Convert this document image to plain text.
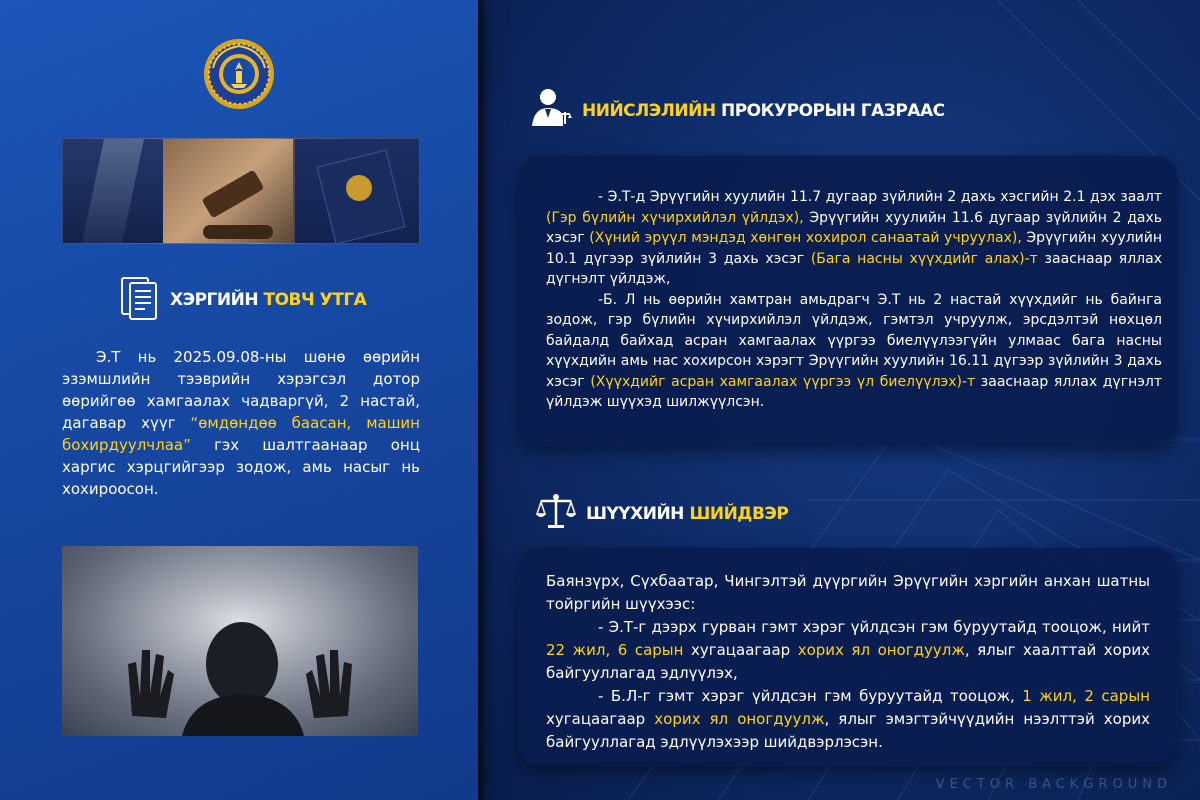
VECTOR BACKGROUND
ХЭРГИЙН ТОВЧ УТГА
Э.Т нь 2025.09.08-ны шөнө өөрийн эзэмшлийн тээврийн хэрэгсэл дотор өөрийгөө хамгаалах чадваргүй, 2 настай, дагавар хүүг “өмдөндөө баасан, машин бохирдуулчлаа” гэх шалтгаанаар онц харгис хэрцгийгээр зодож, амь насыг нь хохироосон.
НИЙСЛЭЛИЙН ПРОКУРОРЫН ГАЗРААС

- Э.Т-д Эрүүгийн хуулийн 11.7 дугаар зүйлийн 2 дахь хэсгийн 2.1 дэх заалт (Гэр бүлийн хүчирхийлэл үйлдэх), Эрүүгийн хуулийн 11.6 дугаар зүйлийн 2 дахь хэсэг (Хүний эрүүл мэндэд хөнгөн хохирол санаатай учруулах), Эрүүгийн хуулийн 10.1 дүгээр зүйлийн 3 дахь хэсэг (Бага насны хүүхдийг алах)-т зааснаар яллах дүгнэлт үйлдэж,

-Б. Л нь өөрийн хамтран амьдрагч Э.Т нь 2 настай хүүхдийг нь байнга зодож, гэр бүлийн хүчирхийлэл үйлдэж, гэмтэл учруулж, эрсдэлтэй нөхцөл байдалд байхад асран хамгаалах үүргээ биелүүлээгүйн улмаас бага насны хүүхдийн амь нас хохирсон хэрэгт Эрүүгийн хуулийн 16.11 дүгээр зүйлийн 3 дахь хэсэг (Хүүхдийг асран хамгаалах үүргээ үл биелүүлэх)-т зааснаар яллах дүгнэлт үйлдэж шүүхэд шилжүүлсэн.

ШҮҮХИЙН ШИЙДВЭР

Баянзүрх, Сүхбаатар, Чингэлтэй дүүргийн Эрүүгийн хэргийн анхан шатны тойргийн шүүхээс:

- Э.Т-г дээрх гурван гэмт хэрэг үйлдсэн гэм буруутайд тооцож, нийт 22 жил, 6 сарын хугацаагаар хорих ял оногдуулж, ялыг хаалттай хорих байгууллагад эдлүүлэх,

- Б.Л-г гэмт хэрэг үйлдсэн гэм буруутайд тооцож, 1 жил, 2 сарын хугацаагаар хорих ял оногдуулж, ялыг эмэгтэйчүүдийн нээлттэй хорих байгууллагад эдлүүлэхээр шийдвэрлэсэн.
